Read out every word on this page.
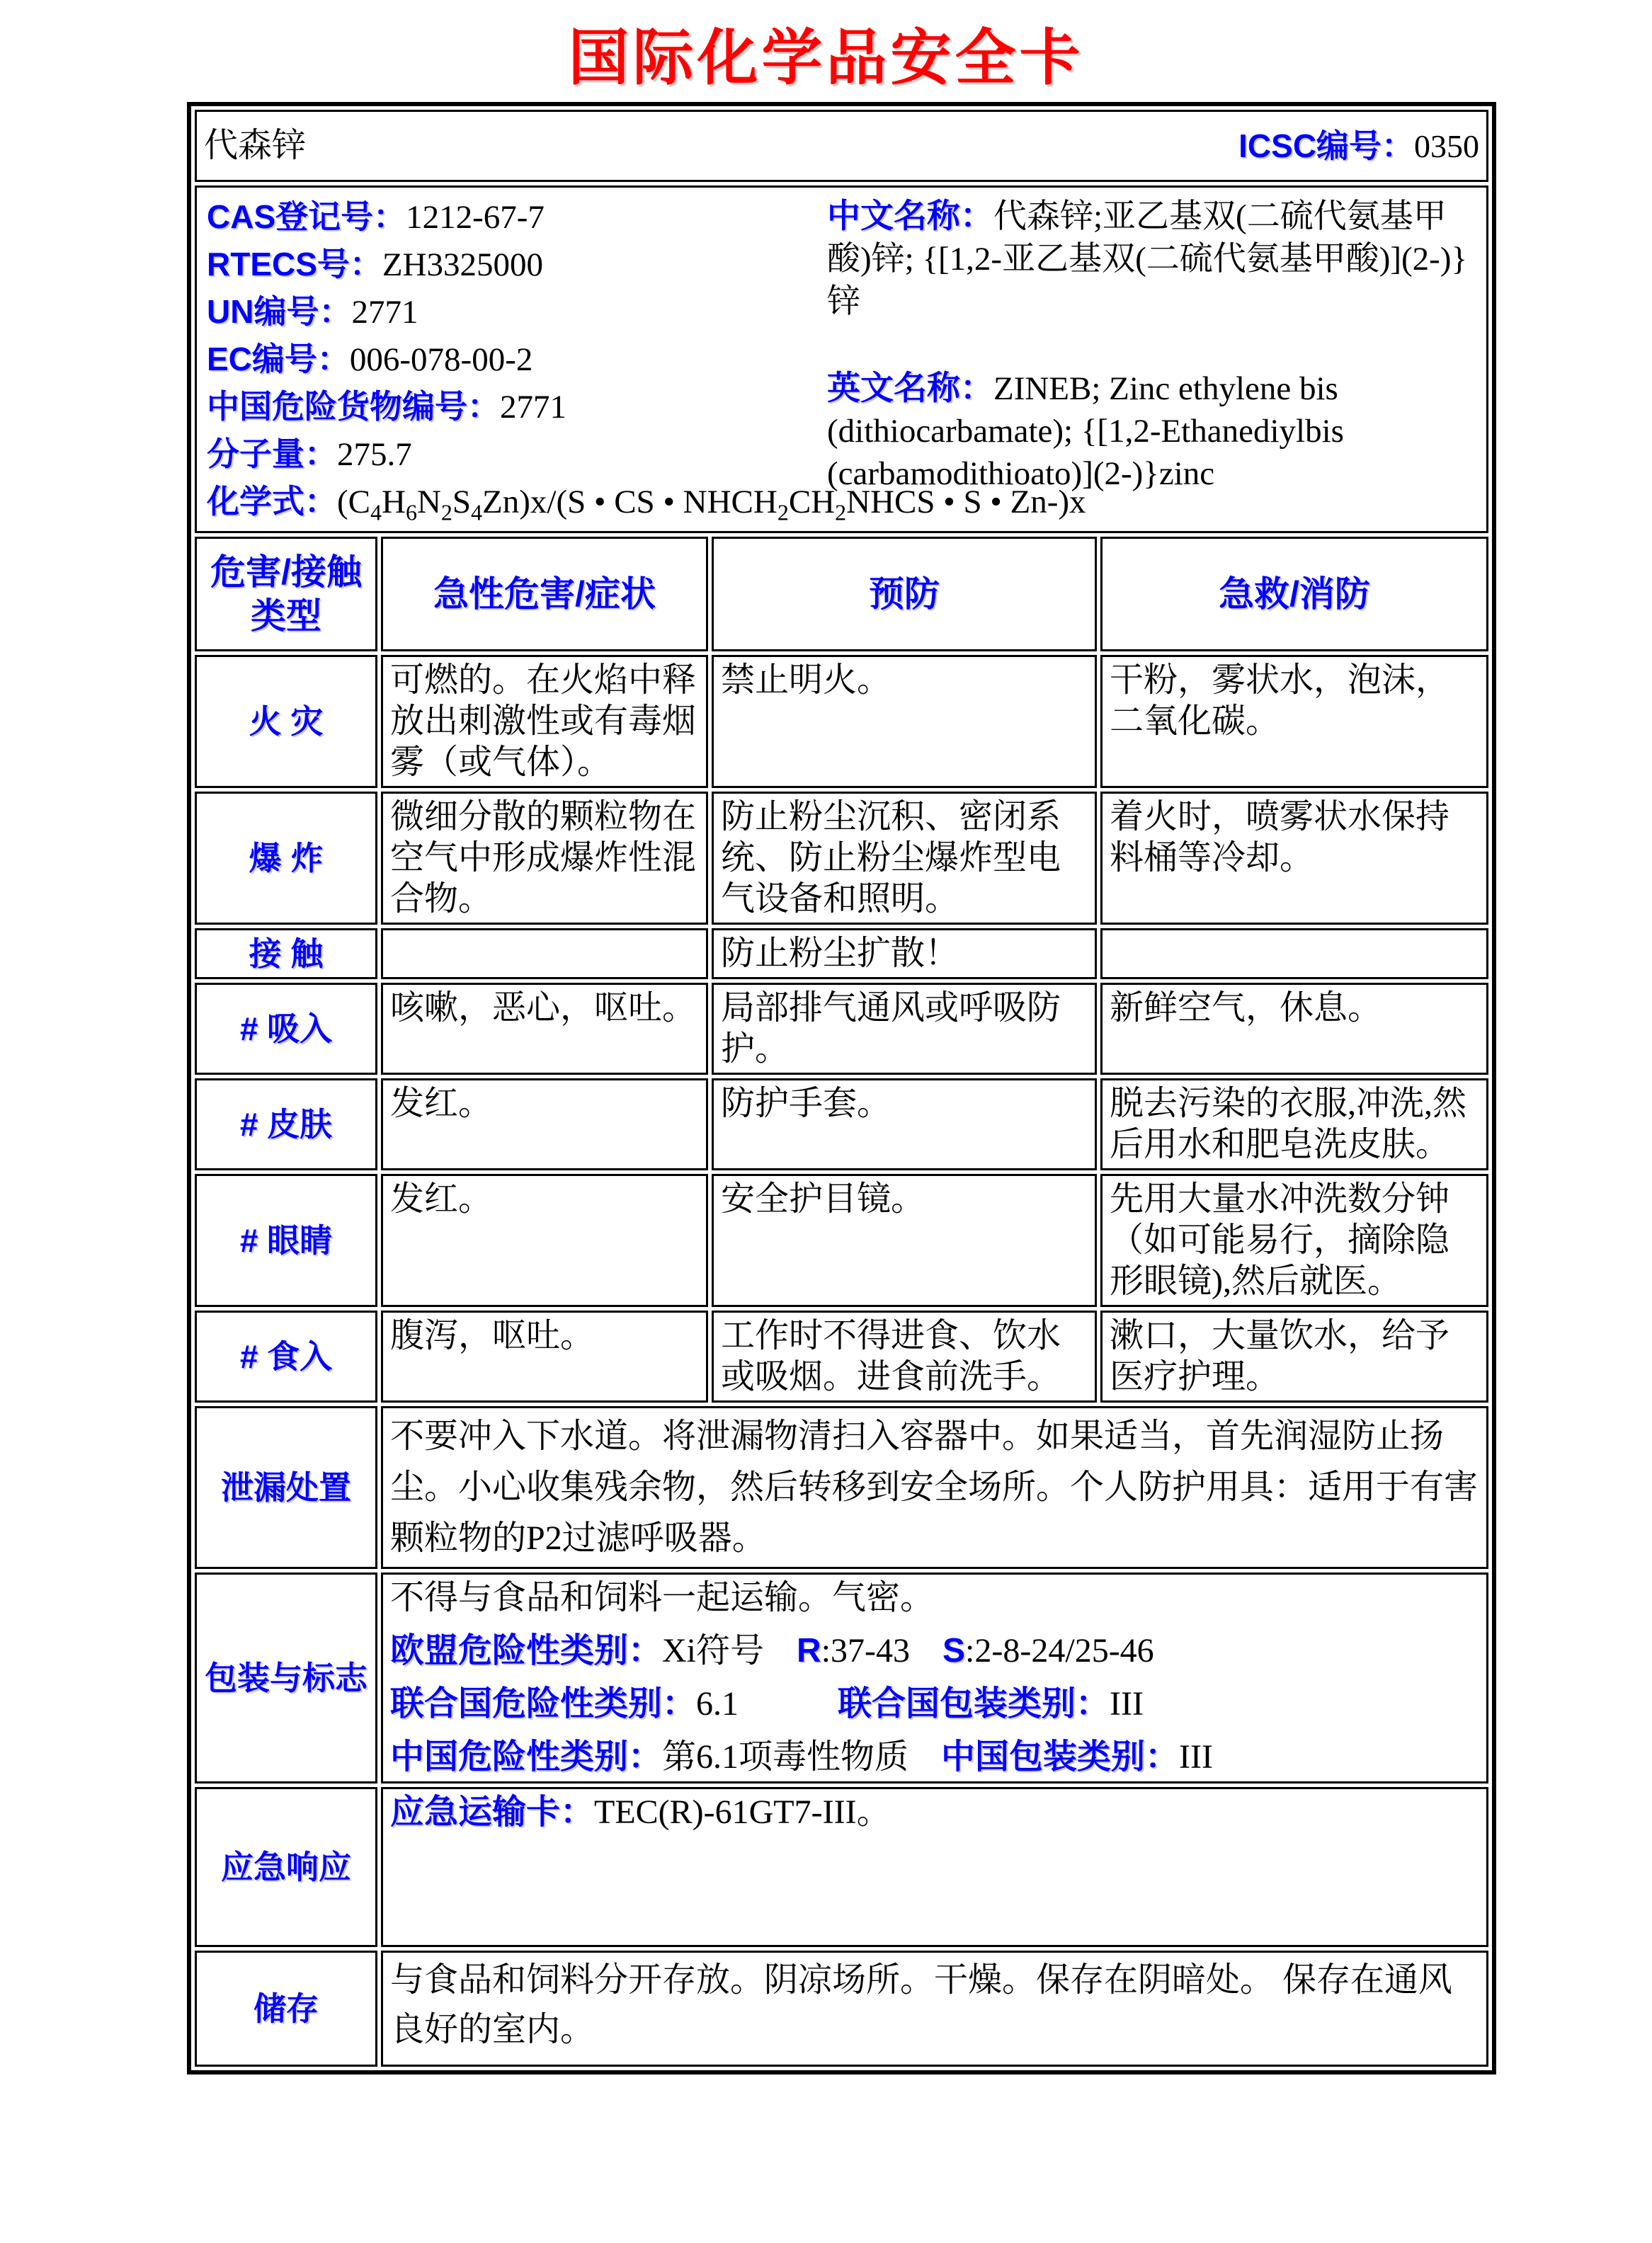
国际化学品安全卡
代森锌 ICSC编号：0350			

CAS登记号：1212-67-7
RTECS号：ZH3325000
UN编号：2771
EC编号：006-078-00-2
中国危险货物编号：2771
分子量：275.7
化学式：$(C_4H_6N_2S_4Zn)x/(S$ • CS • $NHCH_2CH_2NHCS$ • S • Zn-)x
中文名称：代森锌;亚乙基双(二硫代氨基甲酸)锌; {[1,2-亚乙基双(二硫代氨基甲酸)](2-)}锌
英文名称：ZINEB; Zinc ethylene bis (dithiocarbamate); {[1,2-Ethanediylbis (carbamodithioato)](2-)}zinc

危害/接触
类型	急性危害/症状	预防	急救/消防
火 灾	可燃的。在火焰中释放出刺激性或有毒烟雾（或气体）。	禁止明火。	干粉，雾状水，泡沫，二氧化碳。
爆 炸	微细分散的颗粒物在空气中形成爆炸性混合物。	防止粉尘沉积、密闭系统、防止粉尘爆炸型电气设备和照明。	着火时，喷雾状水保持料桶等冷却。
接 触		防止粉尘扩散！	
# 吸入	咳嗽，恶心，呕吐。	局部排气通风或呼吸防护。	新鲜空气，休息。
# 皮肤	发红。	防护手套。	脱去污染的衣服,冲洗,然后用水和肥皂洗皮肤。
# 眼睛	发红。	安全护目镜。	先用大量水冲洗数分钟 （如可能易行，摘除隐形眼镜),然后就医。
# 食入	腹泻，呕吐。	工作时不得进食、饮水或吸烟。进食前洗手。	漱口，大量饮水，给予医疗护理。
泄漏处置	不要冲入下水道。将泄漏物清扫入容器中。如果适当，首先润湿防止扬尘。小心收集残余物，然后转移到安全场所。个人防护用具：适用于有害颗粒物的P2过滤呼吸器。		

包装与标志	不得与食品和饲料一起运输。气密。
欧盟危险性类别：Xi符号 R:37-43 S:2-8-24/25-46
联合国危险性类别：6.1 联合国包装类别：III
中国危险性类别：第6.1项毒性物质 中国包装类别：III		

应急响应	应急运输卡：TEC(R)-61GT7-III。		
储存	与食品和饲料分开存放。阴凉场所。干燥。保存在阴暗处。 保存在通风良好的室内。		
